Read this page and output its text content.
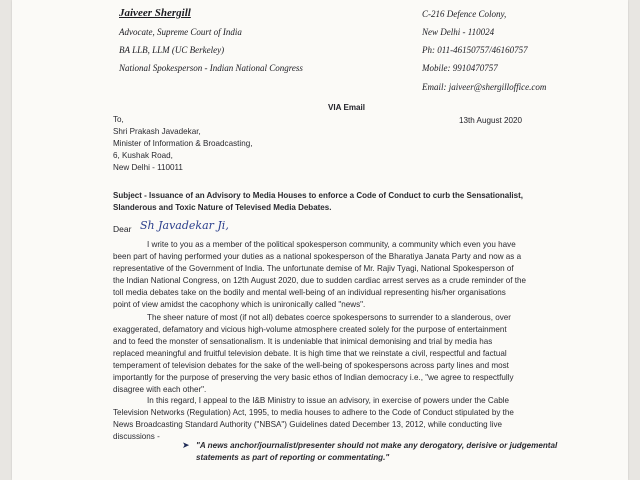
Jaiveer Shergill
Advocate, Supreme Court of India
BA LLB, LLM (UC Berkeley)
National Spokesperson - Indian National Congress
C-216 Defence Colony,
New Delhi - 110024
Ph: 011-46150757/46160757
Mobile: 9910470757
Email: jaiveer@shergilloffice.com
VIA Email
13th August 2020
To,
Shri Prakash Javadekar,
Minister of Information & Broadcasting,
6, Kushak Road,
New Delhi - 110011
Subject - Issuance of an Advisory to Media Houses to enforce a Code of Conduct to curb the Sensationalist,
Slanderous and Toxic Nature of Televised Media Debates.
Dear Sh Javadekar Ji,
I write to you as a member of the political spokesperson community, a community which even you have
been part of having performed your duties as a national spokesperson of the Bharatiya Janata Party and now as a
representative of the Government of India. The unfortunate demise of Mr. Rajiv Tyagi, National Spokesperson of
the Indian National Congress, on 12th August 2020, due to sudden cardiac arrest serves as a crude reminder of the
toll media debates take on the bodily and mental well-being of an individual representing his/her organisations
point of view amidst the cacophony which is unironically called "news".
The sheer nature of most (if not all) debates coerce spokespersons to surrender to a slanderous, over
exaggerated, defamatory and vicious high-volume atmosphere created solely for the purpose of entertainment
and to feed the monster of sensationalism. It is undeniable that inimical demonising and trial by media has
replaced meaningful and fruitful television debate. It is high time that we reinstate a civil, respectful and factual
temperament of television debates for the sake of the well-being of spokespersons across party lines and most
importantly for the purpose of preserving the very basic ethos of Indian democracy i.e., "we agree to respectfully
disagree with each other".
In this regard, I appeal to the I&B Ministry to issue an advisory, in exercise of powers under the Cable
Television Networks (Regulation) Act, 1995, to media houses to adhere to the Code of Conduct stipulated by the
News Broadcasting Standard Authority ("NBSA") Guidelines dated December 13, 2012, while conducting live
discussions -
➤ "A news anchor/journalist/presenter should not make any derogatory, derisive or judgemental
statements as part of reporting or commentating."
